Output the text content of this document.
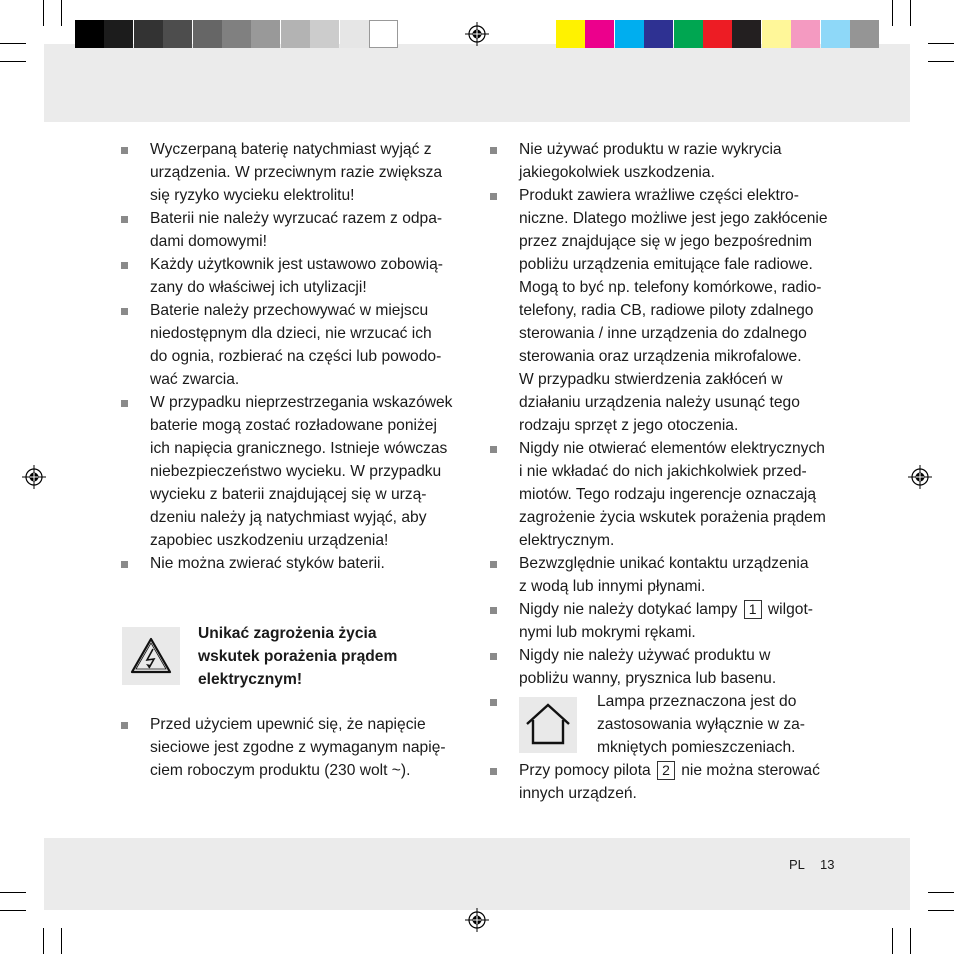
Wyczerpaną baterię natychmiast wyjąć z

urządzenia. W przeciwnym razie zwiększa

się ryzyko wycieku elektrolitu!

Baterii nie należy wyrzucać razem z odpa-

dami domowymi!

Każdy użytkownik jest ustawowo zobowią-

zany do właściwej ich utylizacji!

Baterie należy przechowywać w miejscu

niedostępnym dla dzieci, nie wrzucać ich

do ognia, rozbierać na części lub powodo-

wać zwarcia.

W przypadku nieprzestrzegania wskazówek

baterie mogą zostać rozładowane poniżej

ich napięcia granicznego. Istnieje wówczas

niebezpieczeństwo wycieku. W przypadku

wycieku z baterii znajdującej się w urzą-

dzeniu należy ją natychmiast wyjąć, aby

zapobiec uszkodzeniu urządzenia!

Nie można zwierać styków baterii.

Unikać zagrożenia życia
wskutek porażenia prądem
elektrycznym!

Przed użyciem upewnić się, że napięcie

sieciowe jest zgodne z wymaganym napię-

ciem roboczym produktu (230 wolt ~).

Nie używać produktu w razie wykrycia

jakiegokolwiek uszkodzenia.

Produkt zawiera wrażliwe części elektro-

niczne. Dlatego możliwe jest jego zakłócenie

przez znajdujące się w jego bezpośrednim

pobliżu urządzenia emitujące fale radiowe.

Mogą to być np. telefony komórkowe, radio-

telefony, radia CB, radiowe piloty zdalnego

sterowania / inne urządzenia do zdalnego

sterowania oraz urządzenia mikrofalowe.

W przypadku stwierdzenia zakłóceń w

działaniu urządzenia należy usunąć tego

rodzaju sprzęt z jego otoczenia.

Nigdy nie otwierać elementów elektrycznych

i nie wkładać do nich jakichkolwiek przed-

miotów. Tego rodzaju ingerencje oznaczają

zagrożenie życia wskutek porażenia prądem

elektrycznym.

Bezwzględnie unikać kontaktu urządzenia

z wodą lub innymi płynami.

Nigdy nie należy dotykać lampy 1 wilgot-

nymi lub mokrymi rękami.

Nigdy nie należy używać produktu w

pobliżu wanny, prysznica lub basenu.

Lampa przeznaczona jest do

zastosowania wyłącznie w za-

mkniętych pomieszczeniach.

Przy pomocy pilota 2 nie można sterować

innych urządzeń.

PL 13
